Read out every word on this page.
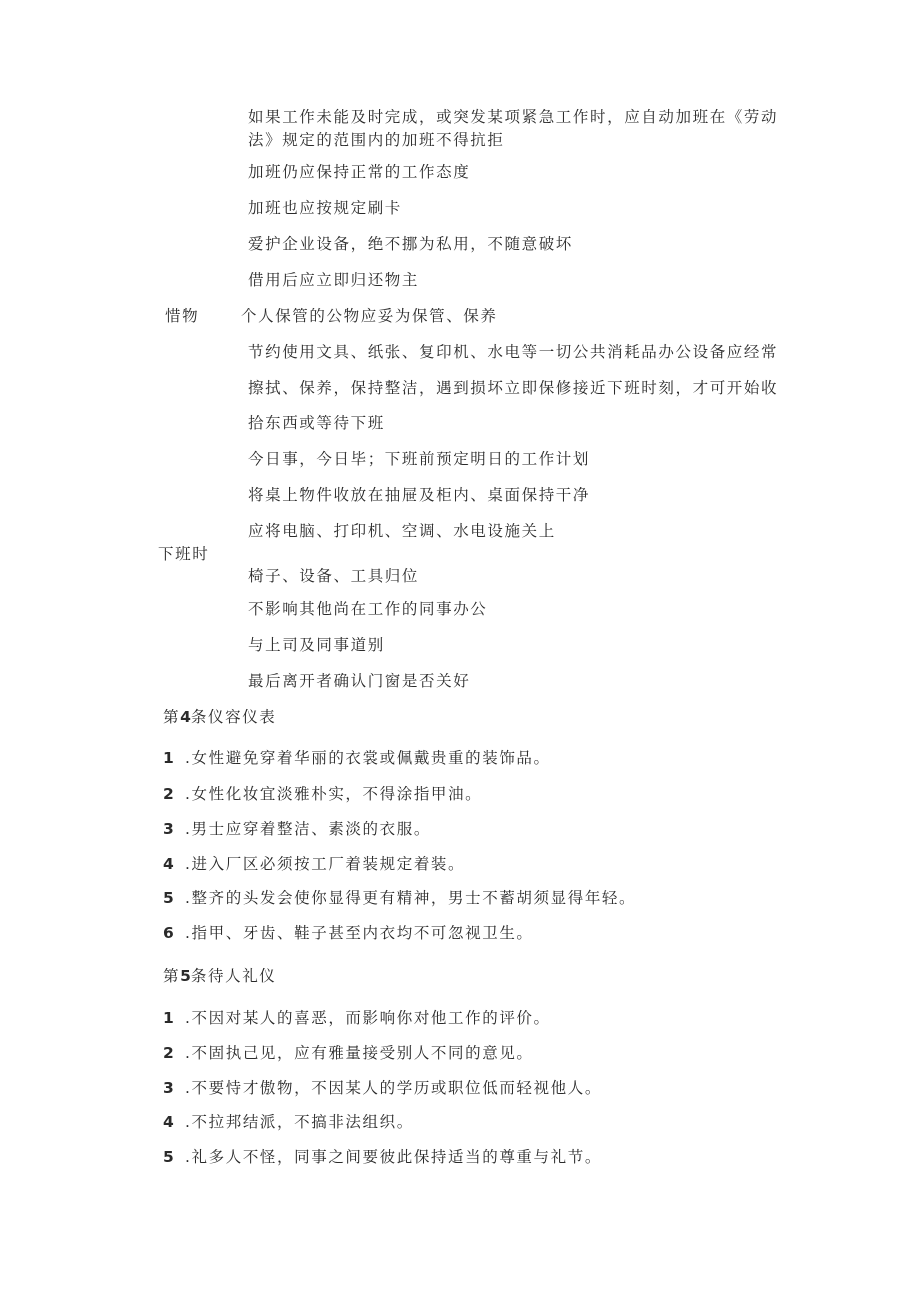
如果工作未能及时完成，或突发某项紧急工作时，应自动加班在《劳动法》规定的范围内的加班不得抗拒
加班仍应保持正常的工作态度
加班也应按规定刷卡
爱护企业设备，绝不挪为私用，不随意破坏
借用后应立即归还物主
惜物	个人保管的公物应妥为保管、保养
节约使用文具、纸张、复印机、水电等一切公共消耗品办公设备应经常
擦拭、保养，保持整洁，遇到损坏立即保修接近下班时刻，才可开始收
拾东西或等待下班
今日事，今日毕；下班前预定明日的工作计划
将桌上物件收放在抽屉及柜内、桌面保持干净
应将电脑、打印机、空调、水电设施关上
下班时
椅子、设备、工具归位
不影响其他尚在工作的同事办公
与上司及同事道别
最后离开者确认门窗是否关好
第4条仪容仪表
1 .女性避免穿着华丽的衣裳或佩戴贵重的装饰品。
2 .女性化妆宜淡雅朴实，不得涂指甲油。
3 .男士应穿着整洁、素淡的衣服。
4 .进入厂区必须按工厂着装规定着装。
5 .整齐的头发会使你显得更有精神，男士不蓄胡须显得年轻。
6 .指甲、牙齿、鞋子甚至内衣均不可忽视卫生。
第5条待人礼仪
1 .不因对某人的喜恶，而影响你对他工作的评价。
2 .不固执己见，应有雅量接受别人不同的意见。
3 .不要恃才傲物，不因某人的学历或职位低而轻视他人。
4 .不拉邦结派，不搞非法组织。
5 .礼多人不怪，同事之间要彼此保持适当的尊重与礼节。
